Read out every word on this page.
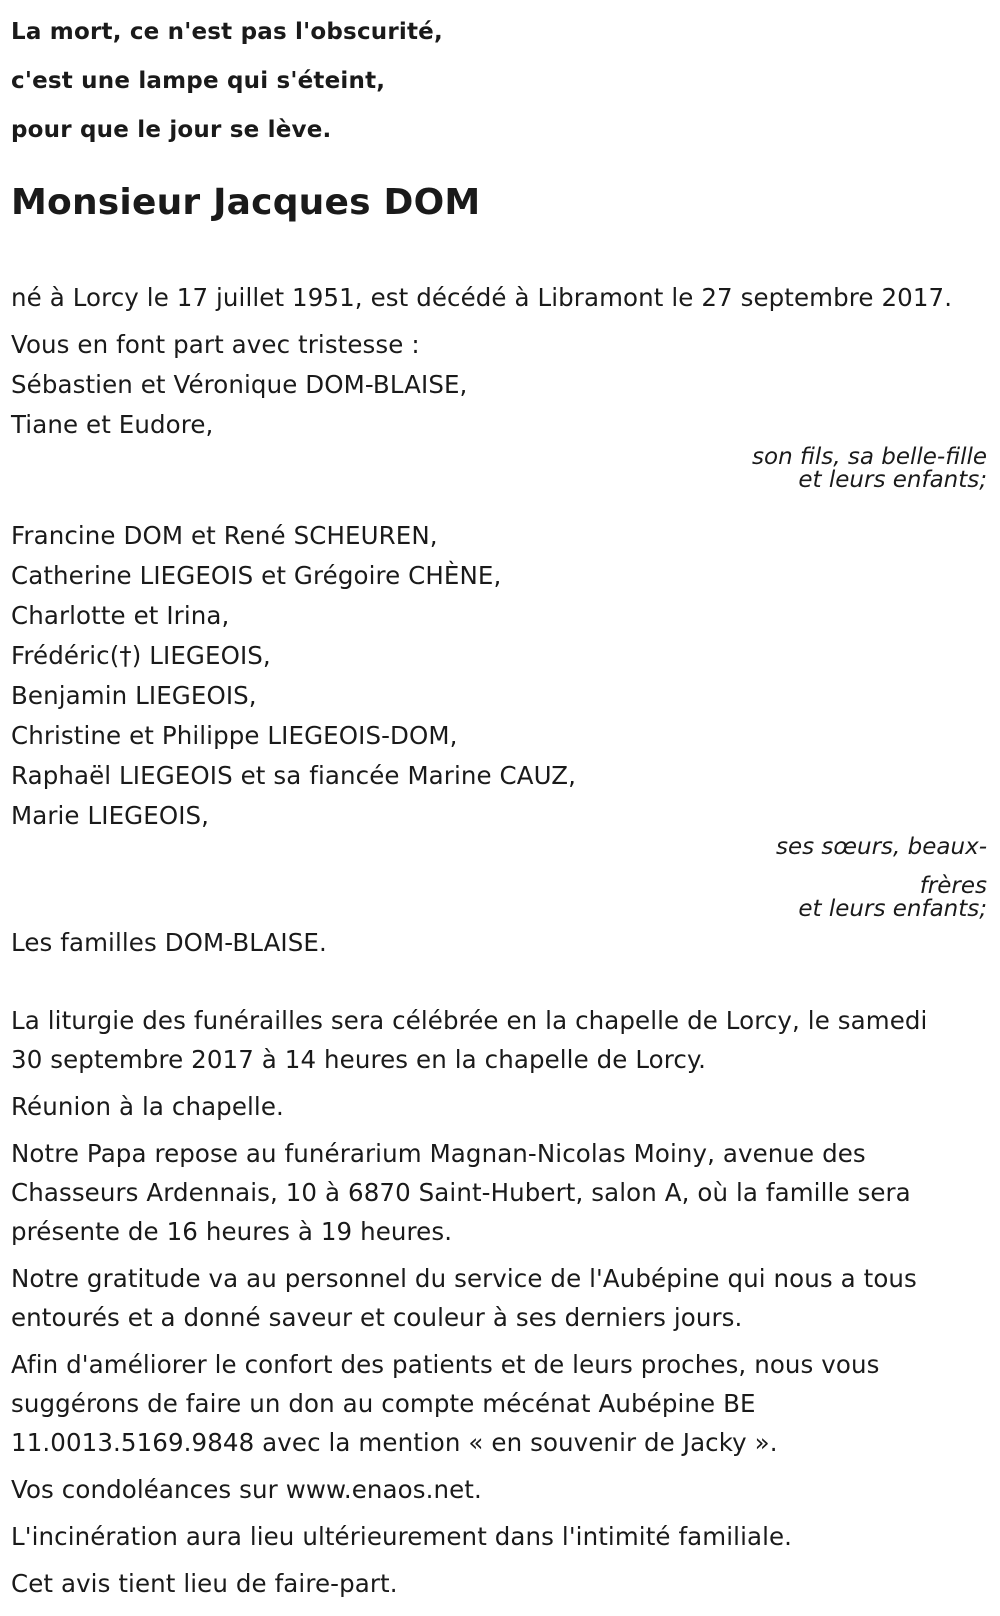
La mort, ce n'est pas l'obscurité,
c'est une lampe qui s'éteint,
pour que le jour se lève.
Monsieur Jacques DOM
né à Lorcy le 17 juillet 1951, est décédé à Libramont le 27 septembre 2017.
Vous en font part avec tristesse :
Sébastien et Véronique DOM-BLAISE,
Tiane et Eudore,
son fils, sa belle-fille
et leurs enfants;
Francine DOM et René SCHEUREN,
Catherine LIEGEOIS et Grégoire CHÈNE,
Charlotte et Irina,
Frédéric(†) LIEGEOIS,
Benjamin LIEGEOIS,
Christine et Philippe LIEGEOIS-DOM,
Raphaël LIEGEOIS et sa fiancée Marine CAUZ,
Marie LIEGEOIS,
ses sœurs, beaux-
frères
et leurs enfants;
Les familles DOM-BLAISE.
La liturgie des funérailles sera célébrée en la chapelle de Lorcy, le samedi
30 septembre 2017 à 14 heures en la chapelle de Lorcy.
Réunion à la chapelle.
Notre Papa repose au funérarium Magnan-Nicolas Moiny, avenue des
Chasseurs Ardennais, 10 à 6870 Saint-Hubert, salon A, où la famille sera
présente de 16 heures à 19 heures.
Notre gratitude va au personnel du service de l'Aubépine qui nous a tous
entourés et a donné saveur et couleur à ses derniers jours.
Afin d'améliorer le confort des patients et de leurs proches, nous vous
suggérons de faire un don au compte mécénat Aubépine BE
11.0013.5169.9848 avec la mention « en souvenir de Jacky ».
Vos condoléances sur www.enaos.net.
L'incinération aura lieu ultérieurement dans l'intimité familiale.
Cet avis tient lieu de faire-part.
